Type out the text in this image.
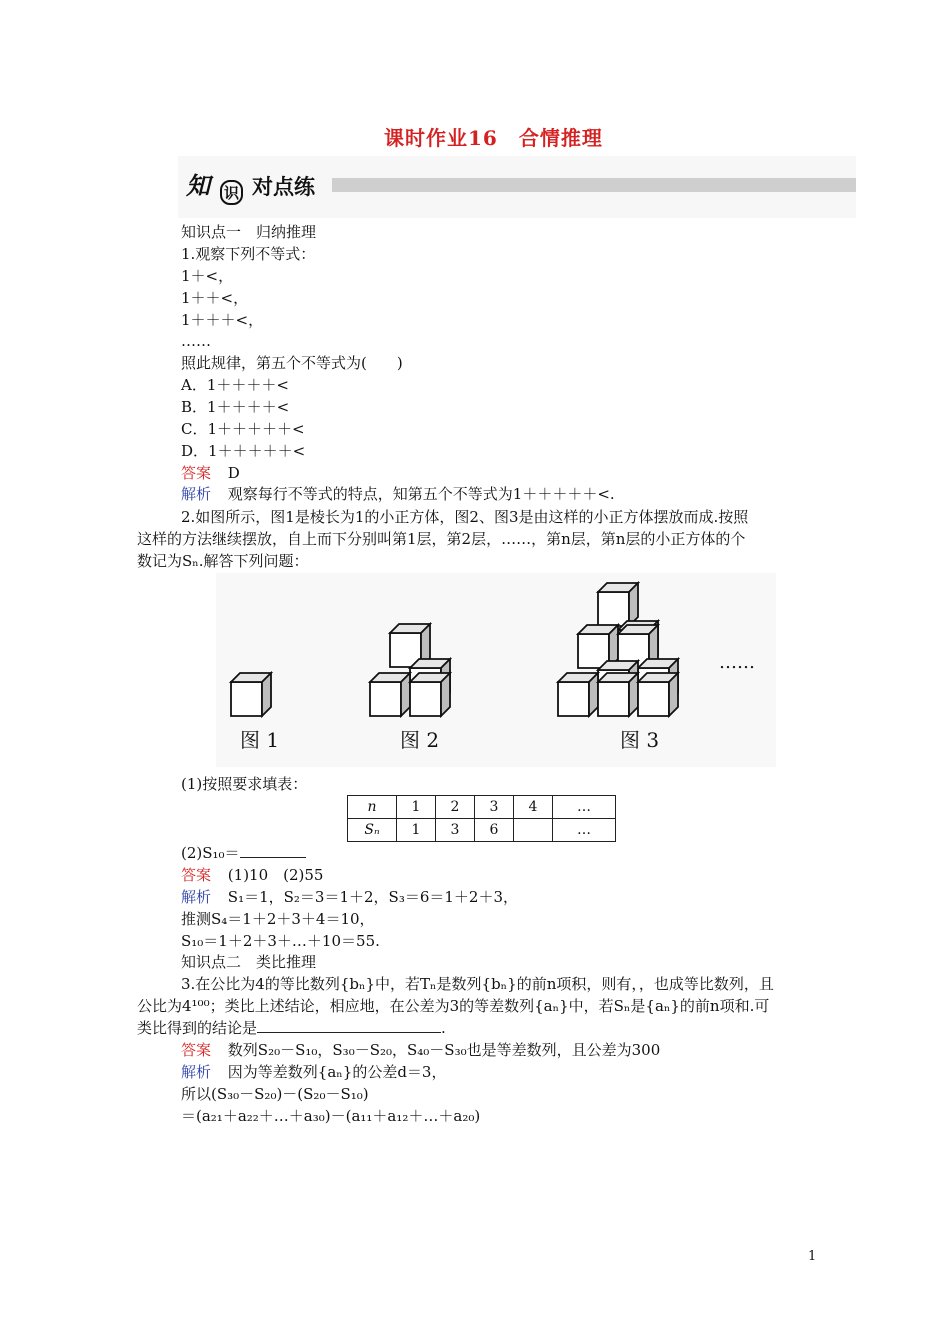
课时作业16　合情推理
知 识 对点练
知识点一　归纳推理
1.观察下列不等式：
1＋<，
1＋＋<，
1＋＋＋<，
……
照此规律，第五个不等式为(　　)
A．1＋＋＋＋<
B．1＋＋＋＋<
C．1＋＋＋＋＋<
D．1＋＋＋＋＋<
答案 D
解析 观察每行不等式的特点，知第五个不等式为1＋＋＋＋＋<.
2.如图所示，图1是棱长为1的小正方体，图2、图3是由这样的小正方体摆放而成.按照
这样的方法继续摆放，自上而下分别叫第1层，第2层，……，第n层，第n层的小正方体的个
数记为Sₙ.解答下列问题：
……
图 1	图 2	图 3
(1)按照要求填表：
n	1	2	3	4	…
Sₙ	1	3	6		…
(2)S₁₀＝
答案 (1)10　(2)55
解析 S₁＝1，S₂＝3＝1＋2，S₃＝6＝1＋2＋3，
推测S₄＝1＋2＋3＋4＝10，
S₁₀＝1＋2＋3＋…＋10＝55.
知识点二　类比推理
3.在公比为4的等比数列{bₙ}中，若Tₙ是数列{bₙ}的前n项积，则有，，也成等比数列，且
公比为4¹⁰⁰；类比上述结论，相应地，在公差为3的等差数列{aₙ}中，若Sₙ是{aₙ}的前n项和.可
类比得到的结论是	.
答案 数列S₂₀－S₁₀，S₃₀－S₂₀，S₄₀－S₃₀也是等差数列，且公差为300
解析 因为等差数列{aₙ}的公差d＝3，
所以(S₃₀－S₂₀)－(S₂₀－S₁₀)
＝(a₂₁＋a₂₂＋…＋a₃₀)－(a₁₁＋a₁₂＋…＋a₂₀)
1
